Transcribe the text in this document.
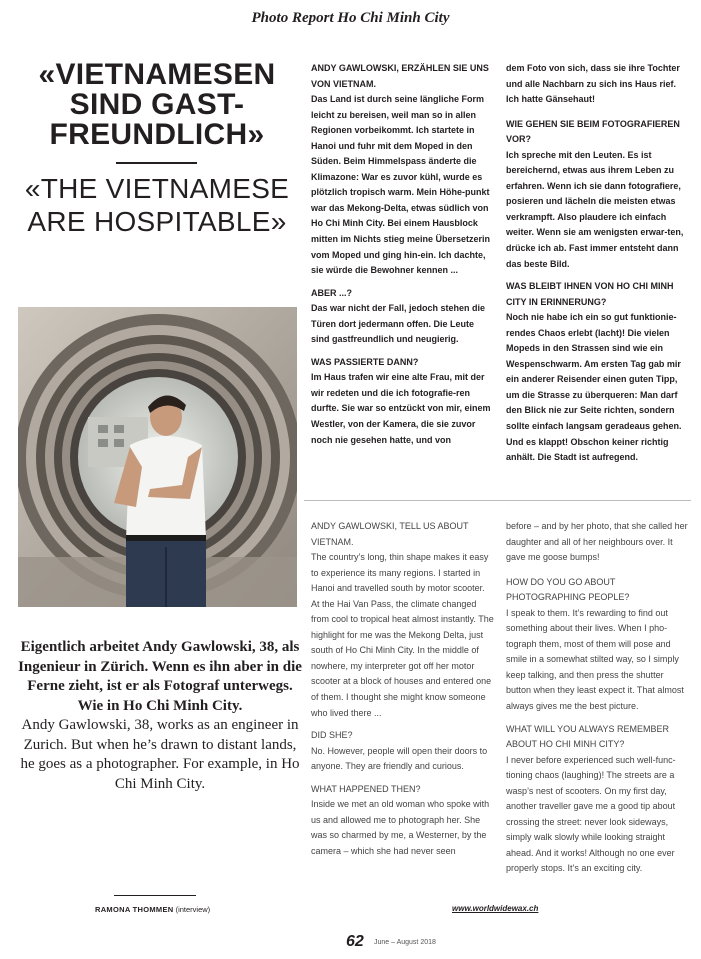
Photo Report Ho Chi Minh City
«VIETNAMESEN SIND GAST-FREUNDLICH»
«THE VIETNAMESE ARE HOSPITABLE»

ANDY GAWLOWSKI, ERZÄHLEN SIE UNS VON VIETNAM.
Das Land ist durch seine längliche Form leicht zu bereisen, weil man so in allen Regionen vorbeikommt. Ich startete in Hanoi und fuhr mit dem Moped in den Süden. Beim Himmelspass änderte die Klimazone: War es zuvor kühl, wurde es plötzlich tropisch warm. Mein Höhe-punkt war das Mekong-Delta, etwas südlich von Ho Chi Minh City. Bei einem Hausblock mitten im Nichts stieg meine Übersetzerin vom Moped und ging hin-ein. Ich dachte, sie würde die Bewohner kennen ...

ABER ...?
Das war nicht der Fall, jedoch stehen die Türen dort jedermann offen. Die Leute sind gastfreundlich und neugierig.

WAS PASSIERTE DANN?
Im Haus trafen wir eine alte Frau, mit der wir redeten und die ich fotografie-ren durfte. Sie war so entzückt von mir, einem Westler, von der Kamera, die sie zuvor noch nie gesehen hatte, und von

dem Foto von sich, dass sie ihre Tochter und alle Nachbarn zu sich ins Haus rief. Ich hatte Gänsehaut!

WIE GEHEN SIE BEIM FOTOGRAFIEREN VOR?
Ich spreche mit den Leuten. Es ist bereichernd, etwas aus ihrem Leben zu erfahren. Wenn ich sie dann fotografiere, posieren und lächeln die meisten etwas verkrampft. Also plaudere ich einfach weiter. Wenn sie am wenigsten erwar-ten, drücke ich ab. Fast immer entsteht dann das beste Bild.

WAS BLEIBT IHNEN VON HO CHI MINH CITY IN ERINNERUNG?
Noch nie habe ich ein so gut funktionie-rendes Chaos erlebt (lacht)! Die vielen Mopeds in den Strassen sind wie ein Wespenschwarm. Am ersten Tag gab mir ein anderer Reisender einen guten Tipp, um die Strasse zu überqueren: Man darf den Blick nie zur Seite richten, sondern sollte einfach langsam geradeaus gehen. Und es klappt! Obschon keiner richtig anhält. Die Stadt ist aufregend.

ANDY GAWLOWSKI, TELL US ABOUT VIETNAM.
The country’s long, thin shape makes it easy to experience its many regions. I started in Hanoi and travelled south by motor scooter. At the Hai Van Pass, the climate changed from cool to tropical heat almost instantly. The highlight for me was the Mekong Delta, just south of Ho Chi Minh City. In the middle of nowhere, my interpreter got off her motor scooter at a block of houses and entered one of them. I thought she might know someone who lived there ...

DID SHE?
No. However, people will open their doors to anyone. They are friendly and curious.

WHAT HAPPENED THEN?
Inside we met an old woman who spoke with us and allowed me to photograph her. She was so charmed by me, a Westerner, by the camera – which she had never seen

before – and by her photo, that she called her daughter and all of her neighbours over. It gave me goose bumps!

HOW DO YOU GO ABOUT PHOTOGRAPHING PEOPLE?
I speak to them. It’s rewarding to find out something about their lives. When I pho-tograph them, most of them will pose and smile in a somewhat stilted way, so I simply keep talking, and then press the shutter button when they least expect it. That almost always gives me the best picture.

WHAT WILL YOU ALWAYS REMEMBER ABOUT HO CHI MINH CITY?
I never before experienced such well-func-tioning chaos (laughing)! The streets are a wasp’s nest of scooters. On my first day, another traveller gave me a good tip about crossing the street: never look sideways, simply walk slowly while looking straight ahead. And it works! Although no one ever properly stops. It’s an exciting city.

Eigentlich arbeitet Andy Gawlowski, 38, als Ingenieur in Zürich. Wenn es ihn aber in die Ferne zieht, ist er als Fotograf unterwegs. Wie in Ho Chi Minh City.
Andy Gawlowski, 38, works as an engineer in Zurich. But when he’s drawn to distant lands, he goes as a photographer. For example, in Ho Chi Minh City.
RAMONA THOMMEN (interview)	www.worldwidewax.ch
62 June – August 2018
